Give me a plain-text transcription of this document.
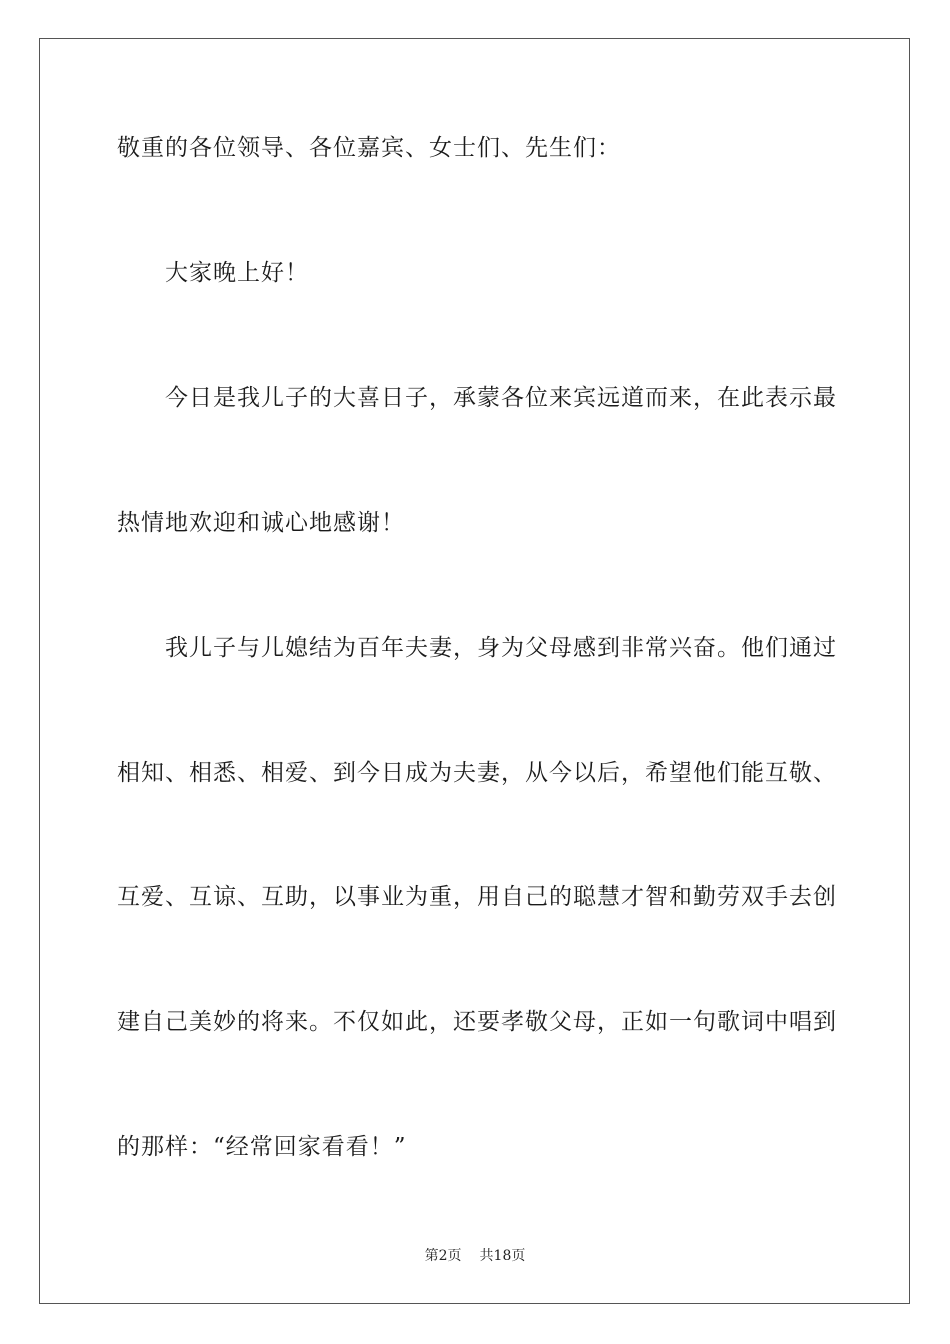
敬重的各位领导、各位嘉宾、女士们、先生们：
大家晚上好！
今日是我儿子的大喜日子，承蒙各位来宾远道而来，在此表示最
热情地欢迎和诚心地感谢！
我儿子与儿媳结为百年夫妻，身为父母感到非常兴奋。他们通过
相知、相悉、相爱、到今日成为夫妻，从今以后，希望他们能互敬、
互爱、互谅、互助，以事业为重，用自己的聪慧才智和勤劳双手去创
建自己美妙的将来。不仅如此，还要孝敬父母，正如一句歌词中唱到
的那样：“经常回家看看！”
第2页 共18页
